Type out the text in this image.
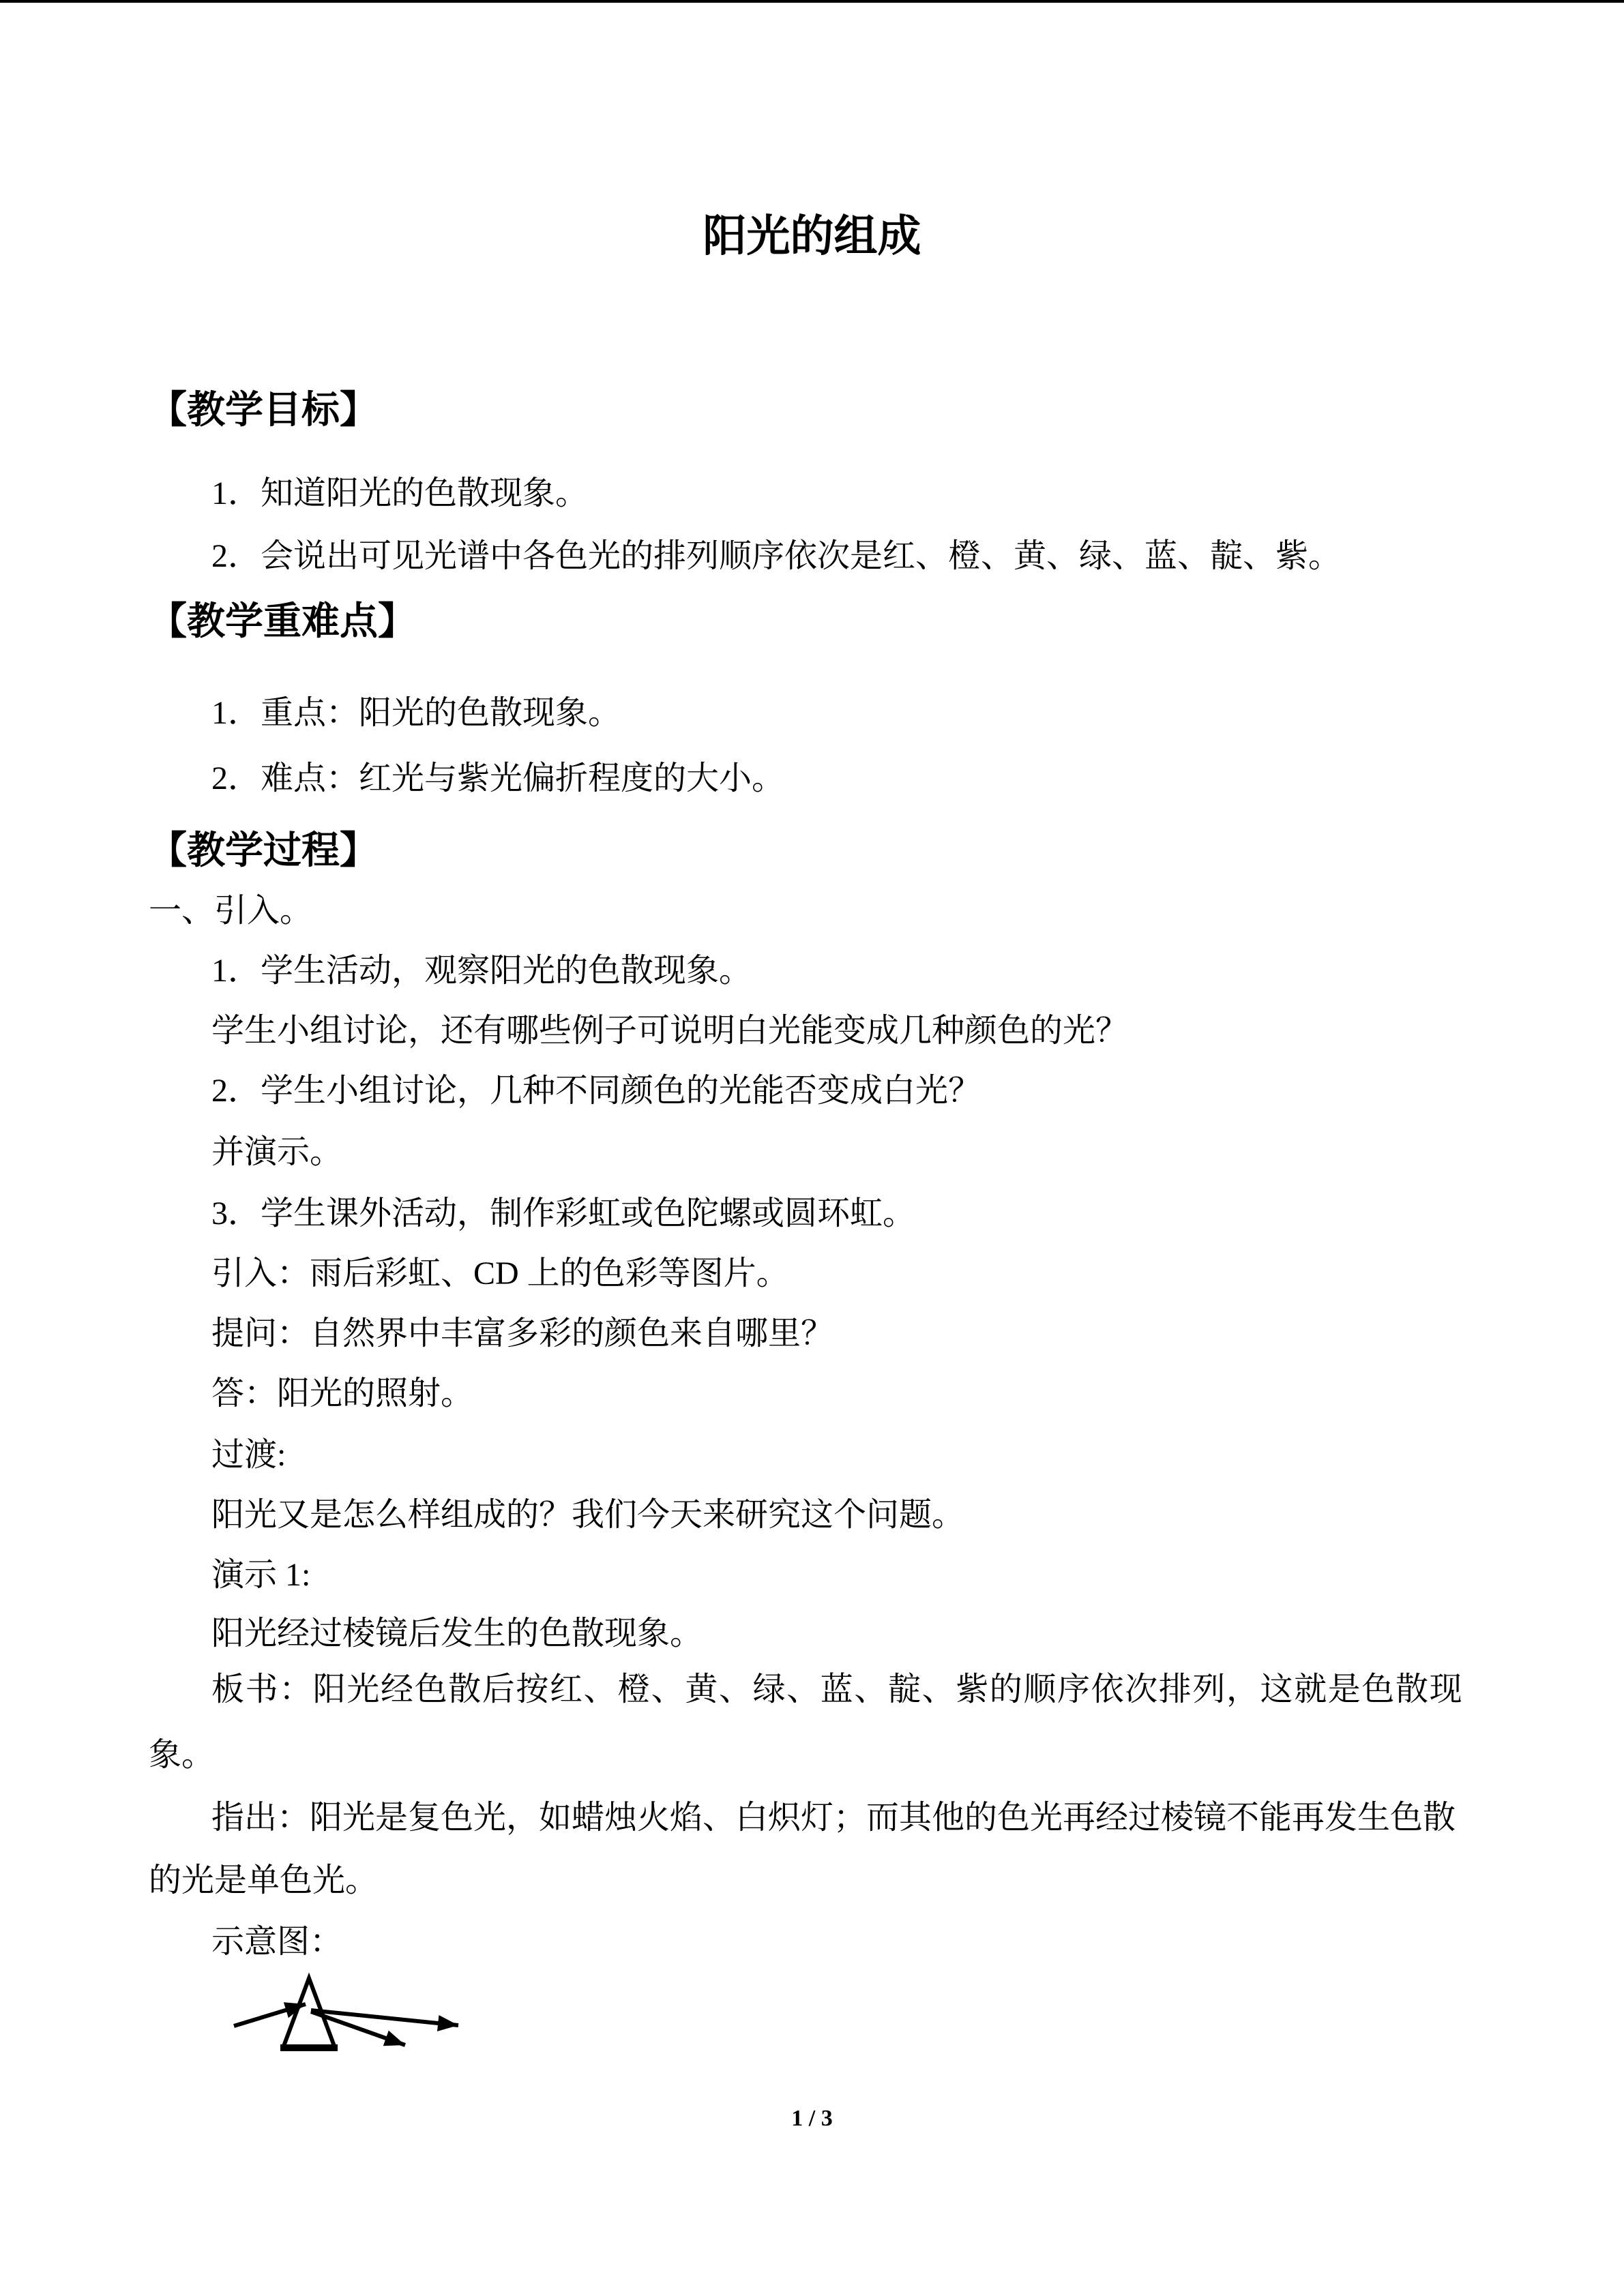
阳光的组成
【教学目标】
1．知道阳光的色散现象。
2．会说出可见光谱中各色光的排列顺序依次是红、橙、黄、绿、蓝、靛、紫。
【教学重难点】
1．重点：阳光的色散现象。
2．难点：红光与紫光偏折程度的大小。
【教学过程】
一、引入。
1．学生活动，观察阳光的色散现象。
学生小组讨论，还有哪些例子可说明白光能变成几种颜色的光？
2．学生小组讨论，几种不同颜色的光能否变成白光？
并演示。
3．学生课外活动，制作彩虹或色陀螺或圆环虹。
引入：雨后彩虹、CD 上的色彩等图片。
提问：自然界中丰富多彩的颜色来自哪里？
答：阳光的照射。
过渡:
阳光又是怎么样组成的？我们今天来研究这个问题。
演示 1:
阳光经过棱镜后发生的色散现象。
板书：阳光经色散后按红、橙、黄、绿、蓝、靛、紫的顺序依次排列，这就是色散现
象。
指出：阳光是复色光，如蜡烛火焰、白炽灯；而其他的色光再经过棱镜不能再发生色散
的光是单色光。
示意图：
1 / 3
